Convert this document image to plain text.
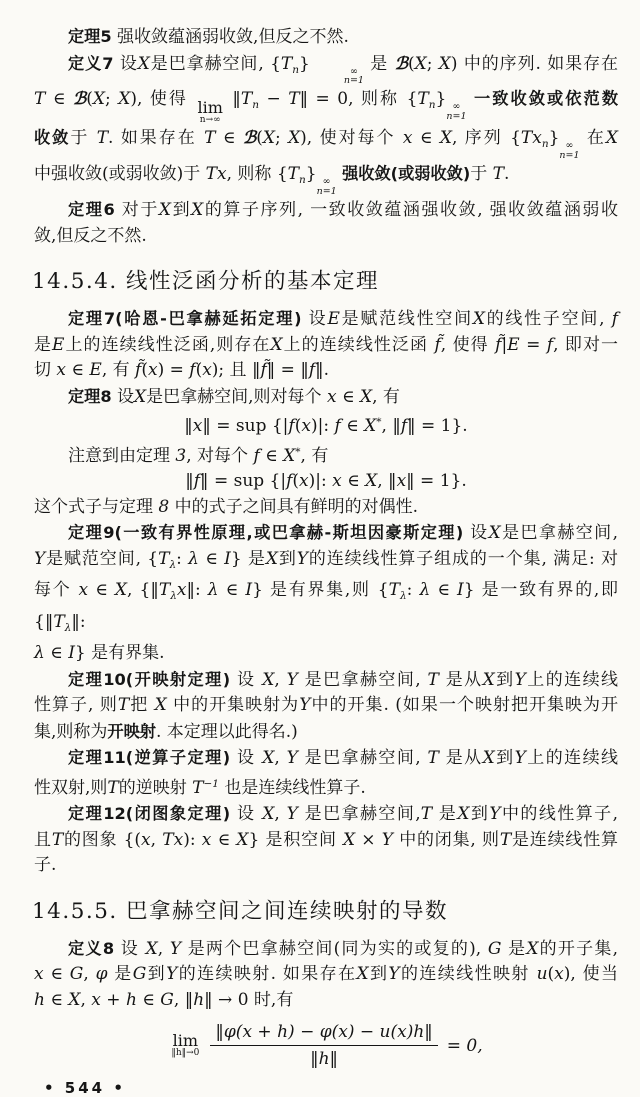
定理5 强收敛蕴涵弱收敛,但反之不然.
定义7 设X是巴拿赫空间, $\{T_n\}$	∞
n=1
是 ℬ(X; X) 中的序列. 如果存在
T ∈ ℬ(X; X), 使得 lim
n→∞
$‖T_n$ − T‖ = 0, 则称 $\{T_n\}$ ∞
n=1
一致收敛或依范数
收敛于 T. 如果存在 T ∈ ℬ(X; X), 使对每个 x ∈ X, 序列 $\{Tx_n\}$ ∞
n=1
在X
中强收敛(或弱收敛)于 Tx, 则称 $\{T_n\}$ ∞
n=1
强收敛(或弱收敛)于 T.
定理6 对于X到X的算子序列, 一致收敛蕴涵强收敛, 强收敛蕴涵弱收
敛,但反之不然.
14.5.4. 线性泛函分析的基本定理
定理7(哈恩-巴拿赫延拓定理) 设E是赋范线性空间X的线性子空间, f
是E上的连续线性泛函,则存在X上的连续线性泛函 f̃, 使得 f̃|E = f, 即对一
切 x ∈ E, 有 f̃(x) = f(x); 且 ‖f̃‖ = ‖f‖.
定理8 设X是巴拿赫空间,则对每个 x ∈ X, 有
‖x‖ = sup {|f(x)|: f ∈ X*, ‖f‖ = 1}.
注意到由定理 3, 对每个 f ∈ X*, 有
‖f‖ = sup {|f(x)|: x ∈ X, ‖x‖ = 1}.
这个式子与定理 8 中的式子之间具有鲜明的对偶性.
定理9(一致有界性原理,或巴拿赫-斯坦因豪斯定理) 设X是巴拿赫空间,
Y是赋范空间, {$T_\lambda$: λ ∈ I} 是X到Y的连续线性算子组成的一个集, 满足: 对
每个 x ∈ X, {$‖T_\lambda x‖$: λ ∈ I} 是有界集,则 {$T_\lambda$: λ ∈ I} 是一致有界的,即 {$‖T_\lambda‖$:
λ ∈ I} 是有界集.
定理10(开映射定理) 设 X, Y 是巴拿赫空间, T 是从X到Y上的连续线
性算子, 则T把 X 中的开集映射为Y中的开集. (如果一个映射把开集映为开
集,则称为开映射. 本定理以此得名.)
定理11(逆算子定理) 设 X, Y 是巴拿赫空间, T 是从X到Y上的连续线
性双射,则T的逆映射 $T^{-1}$ 也是连续线性算子.
定理12(闭图象定理) 设 X, Y 是巴拿赫空间,T 是X到Y中的线性算子,
且T的图象 {(x, Tx): x ∈ X} 是积空间 X × Y 中的闭集, 则T是连续线性算
子.
14.5.5. 巴拿赫空间之间连续映射的导数
定义8 设 X, Y 是两个巴拿赫空间(同为实的或复的), G 是X的开子集,
x ∈ G, φ 是G到Y的连续映射. 如果存在X到Y的连续线性映射 u(x), 使当
h ∈ X, x + h ∈ G, ‖h‖ → 0 时,有
lim
‖h‖→0 $\frac{‖\varphi(x + h) - \varphi(x) - u(x)h‖}{‖h‖} = 0$,
• 544 •
